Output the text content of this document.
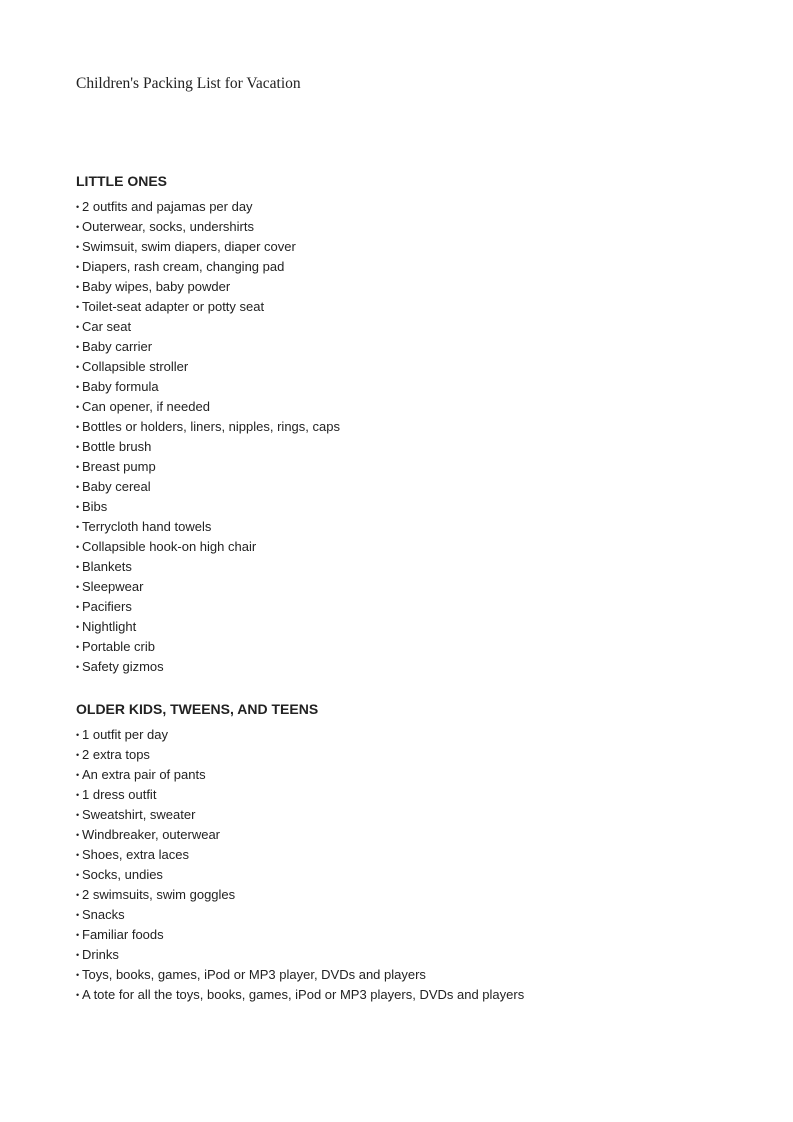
Children's Packing List for Vacation
LITTLE ONES
• 2 outfits and pajamas per day
• Outerwear, socks, undershirts
• Swimsuit, swim diapers, diaper cover
• Diapers, rash cream, changing pad
• Baby wipes, baby powder
• Toilet-seat adapter or potty seat
• Car seat
• Baby carrier
• Collapsible stroller
• Baby formula
• Can opener, if needed
• Bottles or holders, liners, nipples, rings, caps
• Bottle brush
• Breast pump
• Baby cereal
• Bibs
• Terrycloth hand towels
• Collapsible hook-on high chair
• Blankets
• Sleepwear
• Pacifiers
• Nightlight
• Portable crib
• Safety gizmos
OLDER KIDS, TWEENS, AND TEENS
• 1 outfit per day
• 2 extra tops
• An extra pair of pants
• 1 dress outfit
• Sweatshirt, sweater
• Windbreaker, outerwear
• Shoes, extra laces
• Socks, undies
• 2 swimsuits, swim goggles
• Snacks
• Familiar foods
• Drinks
• Toys, books, games, iPod or MP3 player, DVDs and players
• A tote for all the toys, books, games, iPod or MP3 players, DVDs and players
